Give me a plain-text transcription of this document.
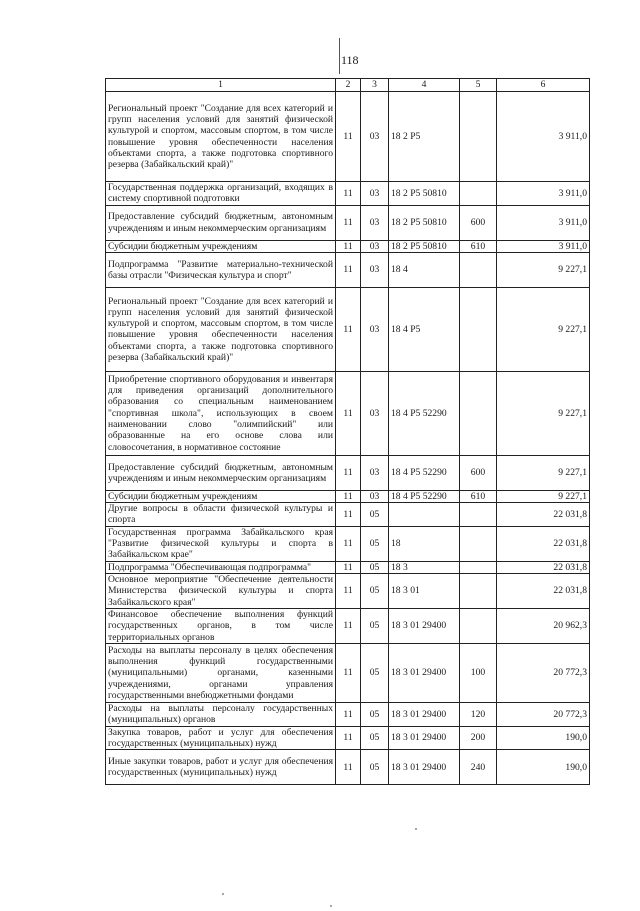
118
1	2	3	4	5	6
Региональный проект "Создание для всех категорий и групп населения условий для занятий физической культурой и спортом, массовым спортом, в том числе повышение уровня обеспеченности населения объектами спорта, а также подготовка спортивного резерва (Забайкальский край)"	11	03	18 2 P5		3 911,0
Государственная поддержка организаций, входящих в систему спортивной подготовки	11	03	18 2 P5 50810		3 911,0
Предоставление субсидий бюджетным, автономным учреждениям и иным некоммерческим организациям	11	03	18 2 P5 50810	600	3 911,0
Субсидии бюджетным учреждениям	11	03	18 2 P5 50810	610	3 911,0
Подпрограмма "Развитие материально-технической базы отрасли "Физическая культура и спорт"	11	03	18 4		9 227,1
Региональный проект "Создание для всех категорий и групп населения условий для занятий физической культурой и спортом, массовым спортом, в том числе повышение уровня обеспеченности населения объектами спорта, а также подготовка спортивного резерва (Забайкальский край)"	11	03	18 4 P5		9 227,1
Приобретение спортивного оборудования и инвентаря для приведения организаций дополнительного образования со специальным наименованием "спортивная школа", использующих в своем наименовании слово "олимпийский" или образованные на его основе слова или словосочетания, в нормативное состояние	11	03	18 4 P5 52290		9 227,1
Предоставление субсидий бюджетным, автономным учреждениям и иным некоммерческим организациям	11	03	18 4 P5 52290	600	9 227,1
Субсидии бюджетным учреждениям	11	03	18 4 P5 52290	610	9 227,1
Другие вопросы в области физической культуры и спорта	11	05			22 031,8
Государственная программа Забайкальского края "Развитие физической культуры и спорта в Забайкальском крае"	11	05	18		22 031,8
Подпрограмма "Обеспечивающая подпрограмма"	11	05	18 3		22 031,8
Основное мероприятие "Обеспечение деятельности Министерства физической культуры и спорта Забайкальского края"	11	05	18 3 01		22 031,8
Финансовое обеспечение выполнения функций государственных органов, в том числе территориальных органов	11	05	18 3 01 29400		20 962,3
Расходы на выплаты персоналу в целях обеспечения выполнения функций государственными (муниципальными) органами, казенными учреждениями, органами управления государственными внебюджетными фондами	11	05	18 3 01 29400	100	20 772,3
Расходы на выплаты персоналу государственных (муниципальных) органов	11	05	18 3 01 29400	120	20 772,3
Закупка товаров, работ и услуг для обеспечения государственных (муниципальных) нужд	11	05	18 3 01 29400	200	190,0
Иные закупки товаров, работ и услуг для обеспечения государственных (муниципальных) нужд	11	05	18 3 01 29400	240	190,0
